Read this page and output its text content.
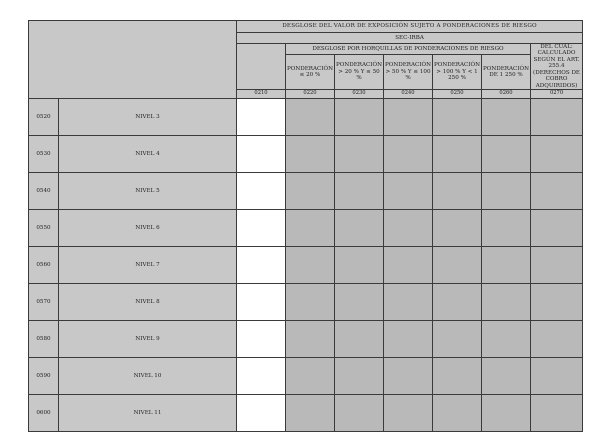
		DESGLOSE DEL VALOR DE EXPOSICIÓN SUJETO A PONDERACIONES DE RIESGO						
		SEC-IRBA						
			DESGLOSE POR HORQUILLAS DE PONDERACIONES DE RIESGO					DEL CUAL: CALCULADO SEGÚN EL ART. 255.4 (DERECHOS DE COBRO ADQUIRIDOS)
			PONDERACIÓN ≤ 20 %	PONDERACIÓN > 20 % Y ≤ 50 %	PONDERACIÓN > 50 % Y ≤ 100 %	PONDERACIÓN > 100 % Y < 1 250 %	PONDERACIÓN DE 1 250 %	
		0210	0220	0230	0240	0250	0260	0270
0520	NIVEL 3							
0530	NIVEL 4							
0540	NIVEL 5							
0550	NIVEL 6							
0560	NIVEL 7							
0570	NIVEL 8							
0580	NIVEL 9							
0590	NIVEL 10							
0600	NIVEL 11							
